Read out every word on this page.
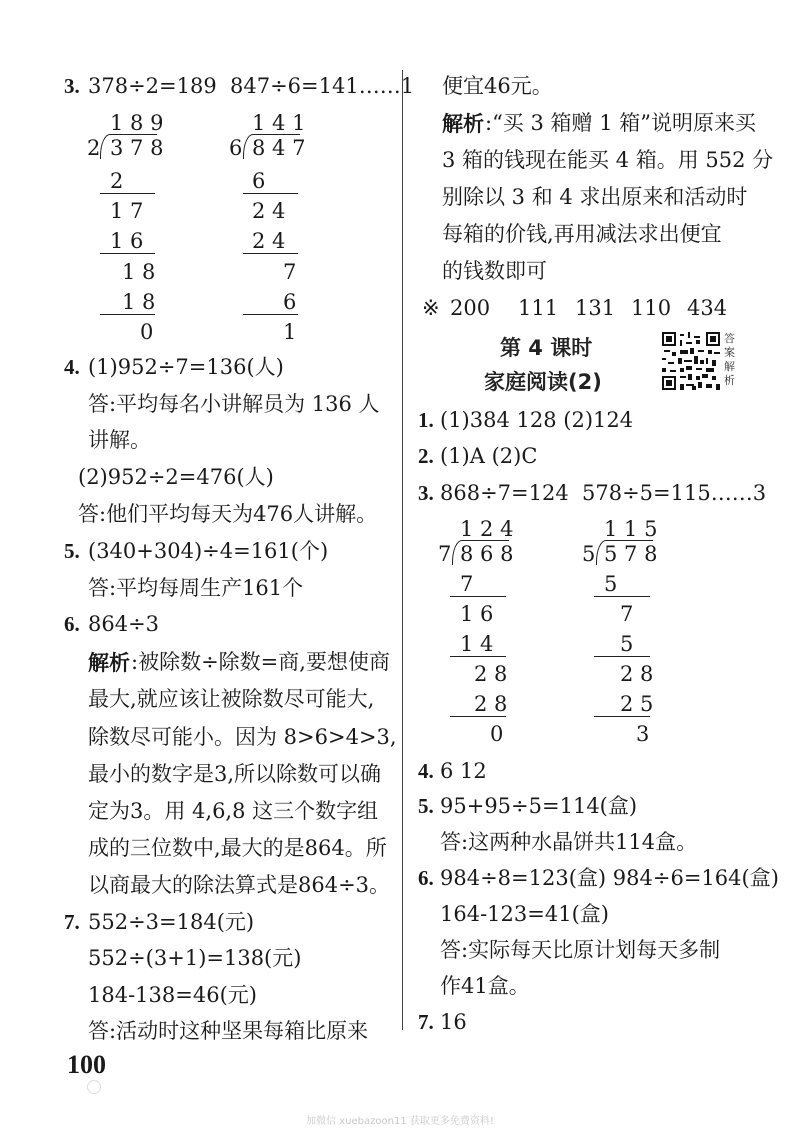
3. 378÷2=189 847÷6=141……1
1 8 9
2 3 7 8
2
1 7
1 6
1 8
1 8
0
1 4 1
6 8 4 7
6
2 4
2 4
7
6
1
4. (1)952÷7=136(人)
答:平均每名小讲解员为 136 人
讲解。
(2)952÷2=476(人)
答:他们平均每天为476人讲解。
5. (340+304)÷4=161(个)
答:平均每周生产161个
6. 864÷3
解析 :被除数÷除数=商,要想使商
最大,就应该让被除数尽可能大,
除数尽可能小。因为 8>6>4>3,
最小的数字是3,所以除数可以确
定为3。用 4,6,8 这三个数字组
成的三位数中,最大的是864。所
以商最大的除法算式是864÷3。
7. 552÷3=184(元)
552÷(3+1)=138(元)
184-138=46(元)
答:活动时这种坚果每箱比原来
100
便宜46元。
解析 :“买 3 箱赠 1 箱”说明原来买
3 箱的钱现在能买 4 箱。用 552 分
别除以 3 和 4 求出原来和活动时
每箱的价钱,再用减法求出便宜
的钱数即可
※ 200 111 131 110 434
第 4 课时
家庭阅读(2)
答案解析
1. (1)384 128 (2)124
2. (1)A (2)C
3. 868÷7=124 578÷5=115……3
1 2 4
7 8 6 8
7
1 6
1 4
2 8
2 8
0
1 1 5
5 5 7 8
5
7
5
2 8
2 5
3
4. 6 12
5. 95+95÷5=114(盒)
答:这两种水晶饼共114盒。
6. 984÷8=123(盒) 984÷6=164(盒)
164-123=41(盒)
答:实际每天比原计划每天多制
作41盒。
7. 16
加微信 xuebazoon11 获取更多免费资料!
